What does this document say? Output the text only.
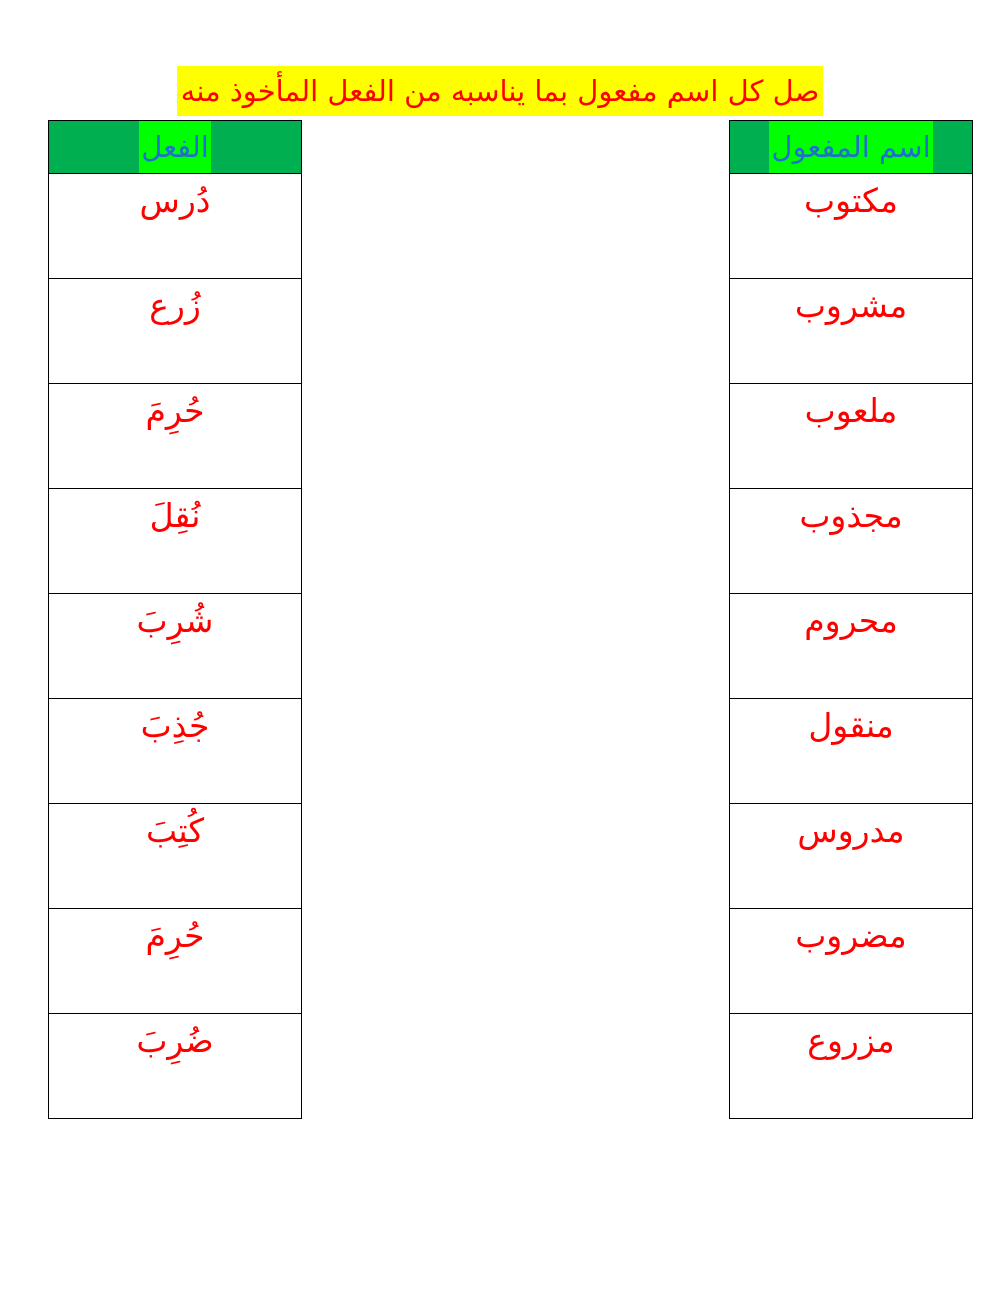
صل كل اسم مفعول بما يناسبه من الفعل المأخوذ منه
الفعل
دُرس
زُرع
حُرِمَ
نُقِلَ
شُرِبَ
جُذِبَ
كُتِبَ
حُرِمَ
ضُرِبَ
اسم المفعول
مكتوب
مشروب
ملعوب
مجذوب
محروم
منقول
مدروس
مضروب
مزروع
